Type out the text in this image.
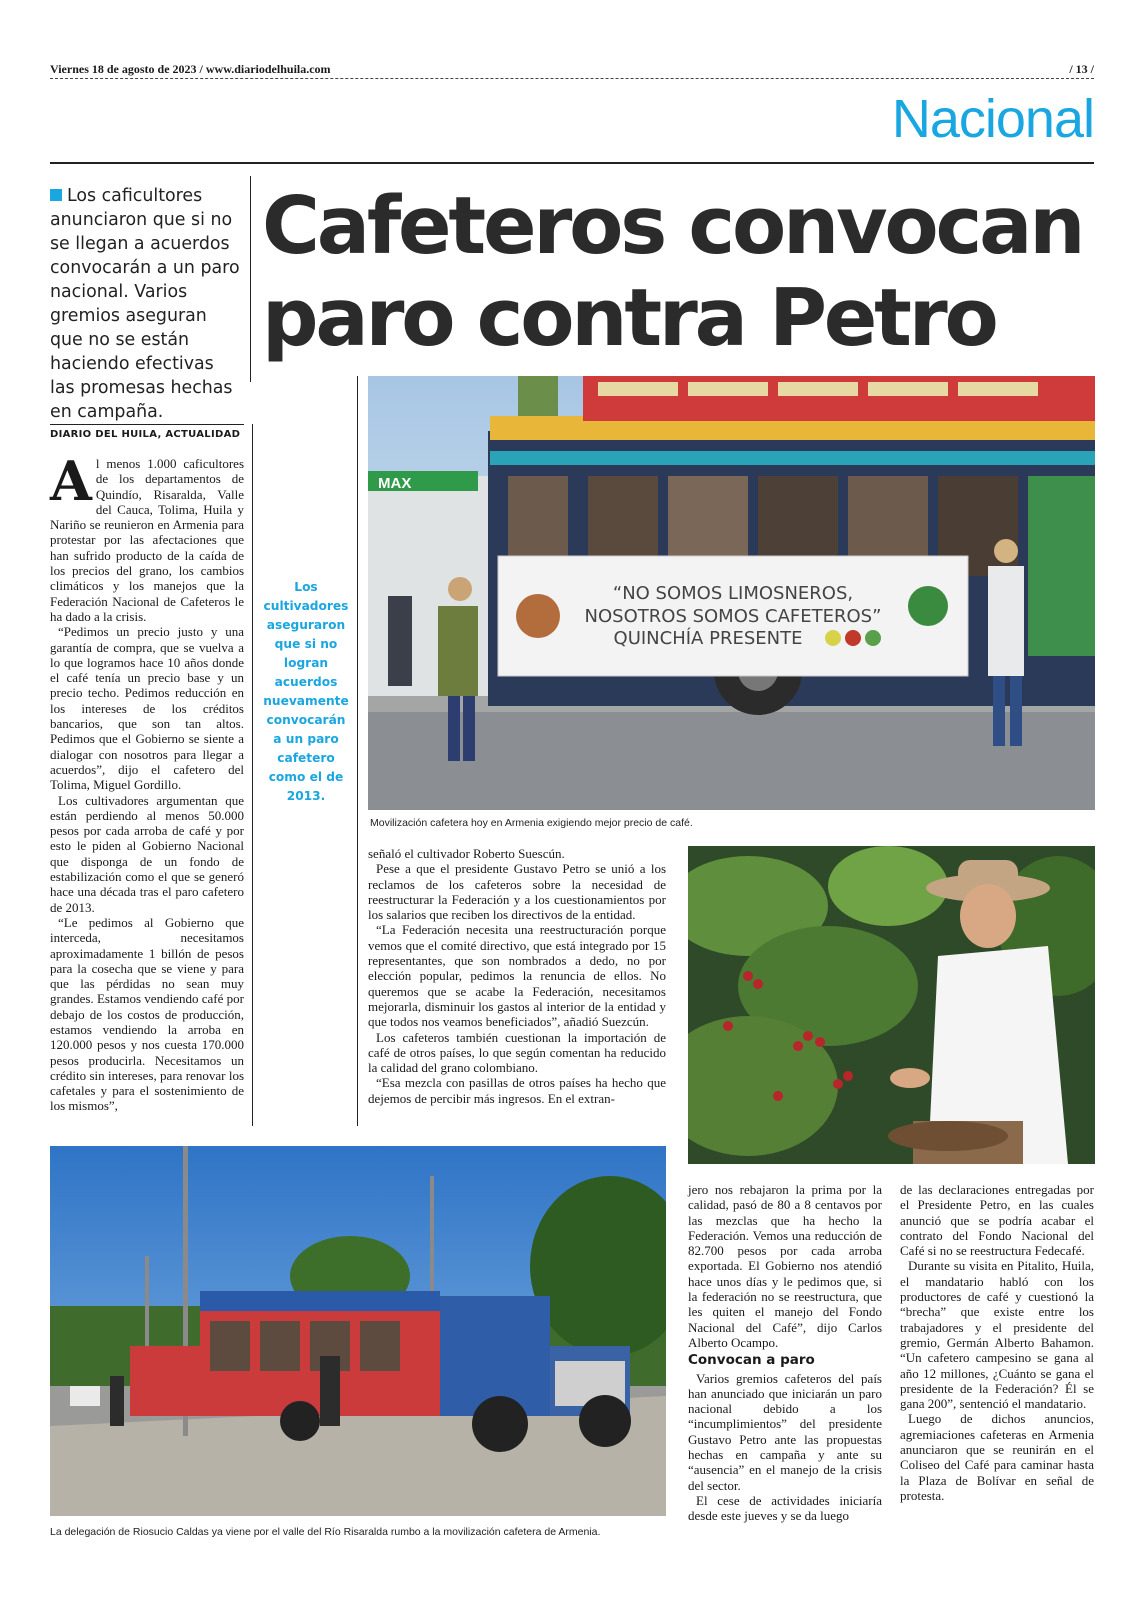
Viernes 18 de agosto de 2023 / www.diariodelhuila.com	/ 13 /
Nacional
Los caficultores anunciaron que si no se llegan a acuerdos convocarán a un paro nacional. Varios gremios aseguran que no se están haciendo efectivas las promesas hechas en campaña.
Cafeteros convocan
paro contra Petro
DIARIO DEL HUILA, ACTUALIDAD

Al menos 1.000 caficultores de los departamentos de Quindío, Risaralda, Valle del Cauca, Tolima, Huila y Nariño se reunieron en Armenia para protestar por las afectaciones que han sufrido producto de la caída de los precios del grano, los cambios climáticos y los manejos que la Federación Nacional de Cafeteros le ha dado a la crisis.

“Pedimos un precio justo y una garantía de compra, que se vuelva a lo que logramos hace 10 años donde el café tenía un precio base y un precio techo. Pedimos reducción en los intereses de los créditos bancarios, que son tan altos. Pedimos que el Gobierno se siente a dialogar con nosotros para llegar a acuerdos”, dijo el cafetero del Tolima, Miguel Gordillo.

Los cultivadores argumentan que están perdiendo al menos 50.000 pesos por cada arroba de café y por esto le piden al Gobierno Nacional que disponga de un fondo de estabilización como el que se generó hace una década tras el paro cafetero de 2013.

“Le pedimos al Gobierno que interceda, necesitamos aproximadamente 1 billón de pesos para la cosecha que se viene y para que las pérdidas no sean muy grandes. Estamos vendiendo café por debajo de los costos de producción, estamos vendiendo la arroba en 120.000 pesos y nos cuesta 170.000 pesos producirla. Necesitamos un crédito sin intereses, para renovar los cafetales y para el sostenimiento de los mismos”,

Los cultivadores aseguraron que si no logran acuerdos nuevamente convocarán a un paro cafetero como el de 2013.
MAX
“NO SOMOS LIMOSNEROS,
NOSOTROS SOMOS CAFETEROS”
QUINCHÍA PRESENTE
Movilización cafetera hoy en Armenia exigiendo mejor precio de café.

señaló el cultivador Roberto Suescún.

Pese a que el presidente Gustavo Petro se unió a los reclamos de los cafeteros sobre la necesidad de reestructurar la Federación y a los cuestionamientos por los salarios que reciben los directivos de la entidad.

“La Federación necesita una reestructuración porque vemos que el comité directivo, que está integrado por 15 representantes, que son nombrados a dedo, no por elección popular, pedimos la renuncia de ellos. No queremos que se acabe la Federación, necesitamos mejorarla, disminuir los gastos al interior de la entidad y que todos nos veamos beneficiados”, añadió Suezcún.

Los cafeteros también cuestionan la importación de café de otros países, lo que según comentan ha reducido la calidad del grano colombiano.

“Esa mezcla con pasillas de otros países ha hecho que dejemos de percibir más ingresos. En el extran-

La delegación de Riosucio Caldas ya viene por el valle del Río Risaralda rumbo a la movilización cafetera de Armenia.

jero nos rebajaron la prima por la calidad, pasó de 80 a 8 centavos por las mezclas que ha hecho la Federación. Vemos una reducción de 82.700 pesos por cada arroba exportada. El Gobierno nos atendió hace unos días y le pedimos que, si la federación no se reestructura, que les quiten el manejo del Fondo Nacional del Café”, dijo Carlos Alberto Ocampo.

Convocan a paro

Varios gremios cafeteros del país han anunciado que iniciarán un paro nacional debido a los “incumplimientos” del presidente Gustavo Petro ante las propuestas hechas en campaña y ante su “ausencia” en el manejo de la crisis del sector.

El cese de actividades iniciaría desde este jueves y se da luego

de las declaraciones entregadas por el Presidente Petro, en las cuales anunció que se podría acabar el contrato del Fondo Nacional del Café si no se reestructura Fedecafé.

Durante su visita en Pitalito, Huila, el mandatario habló con los productores de café y cuestionó la “brecha” que existe entre los trabajadores y el presidente del gremio, Germán Alberto Bahamon. “Un cafetero campesino se gana al año 12 millones, ¿Cuánto se gana el presidente de la Federación? Él se gana 200”, sentenció el mandatario.

Luego de dichos anuncios, agremiaciones cafeteras en Armenia anunciaron que se reunirán en el Coliseo del Café para caminar hasta la Plaza de Bolívar en señal de protesta.
